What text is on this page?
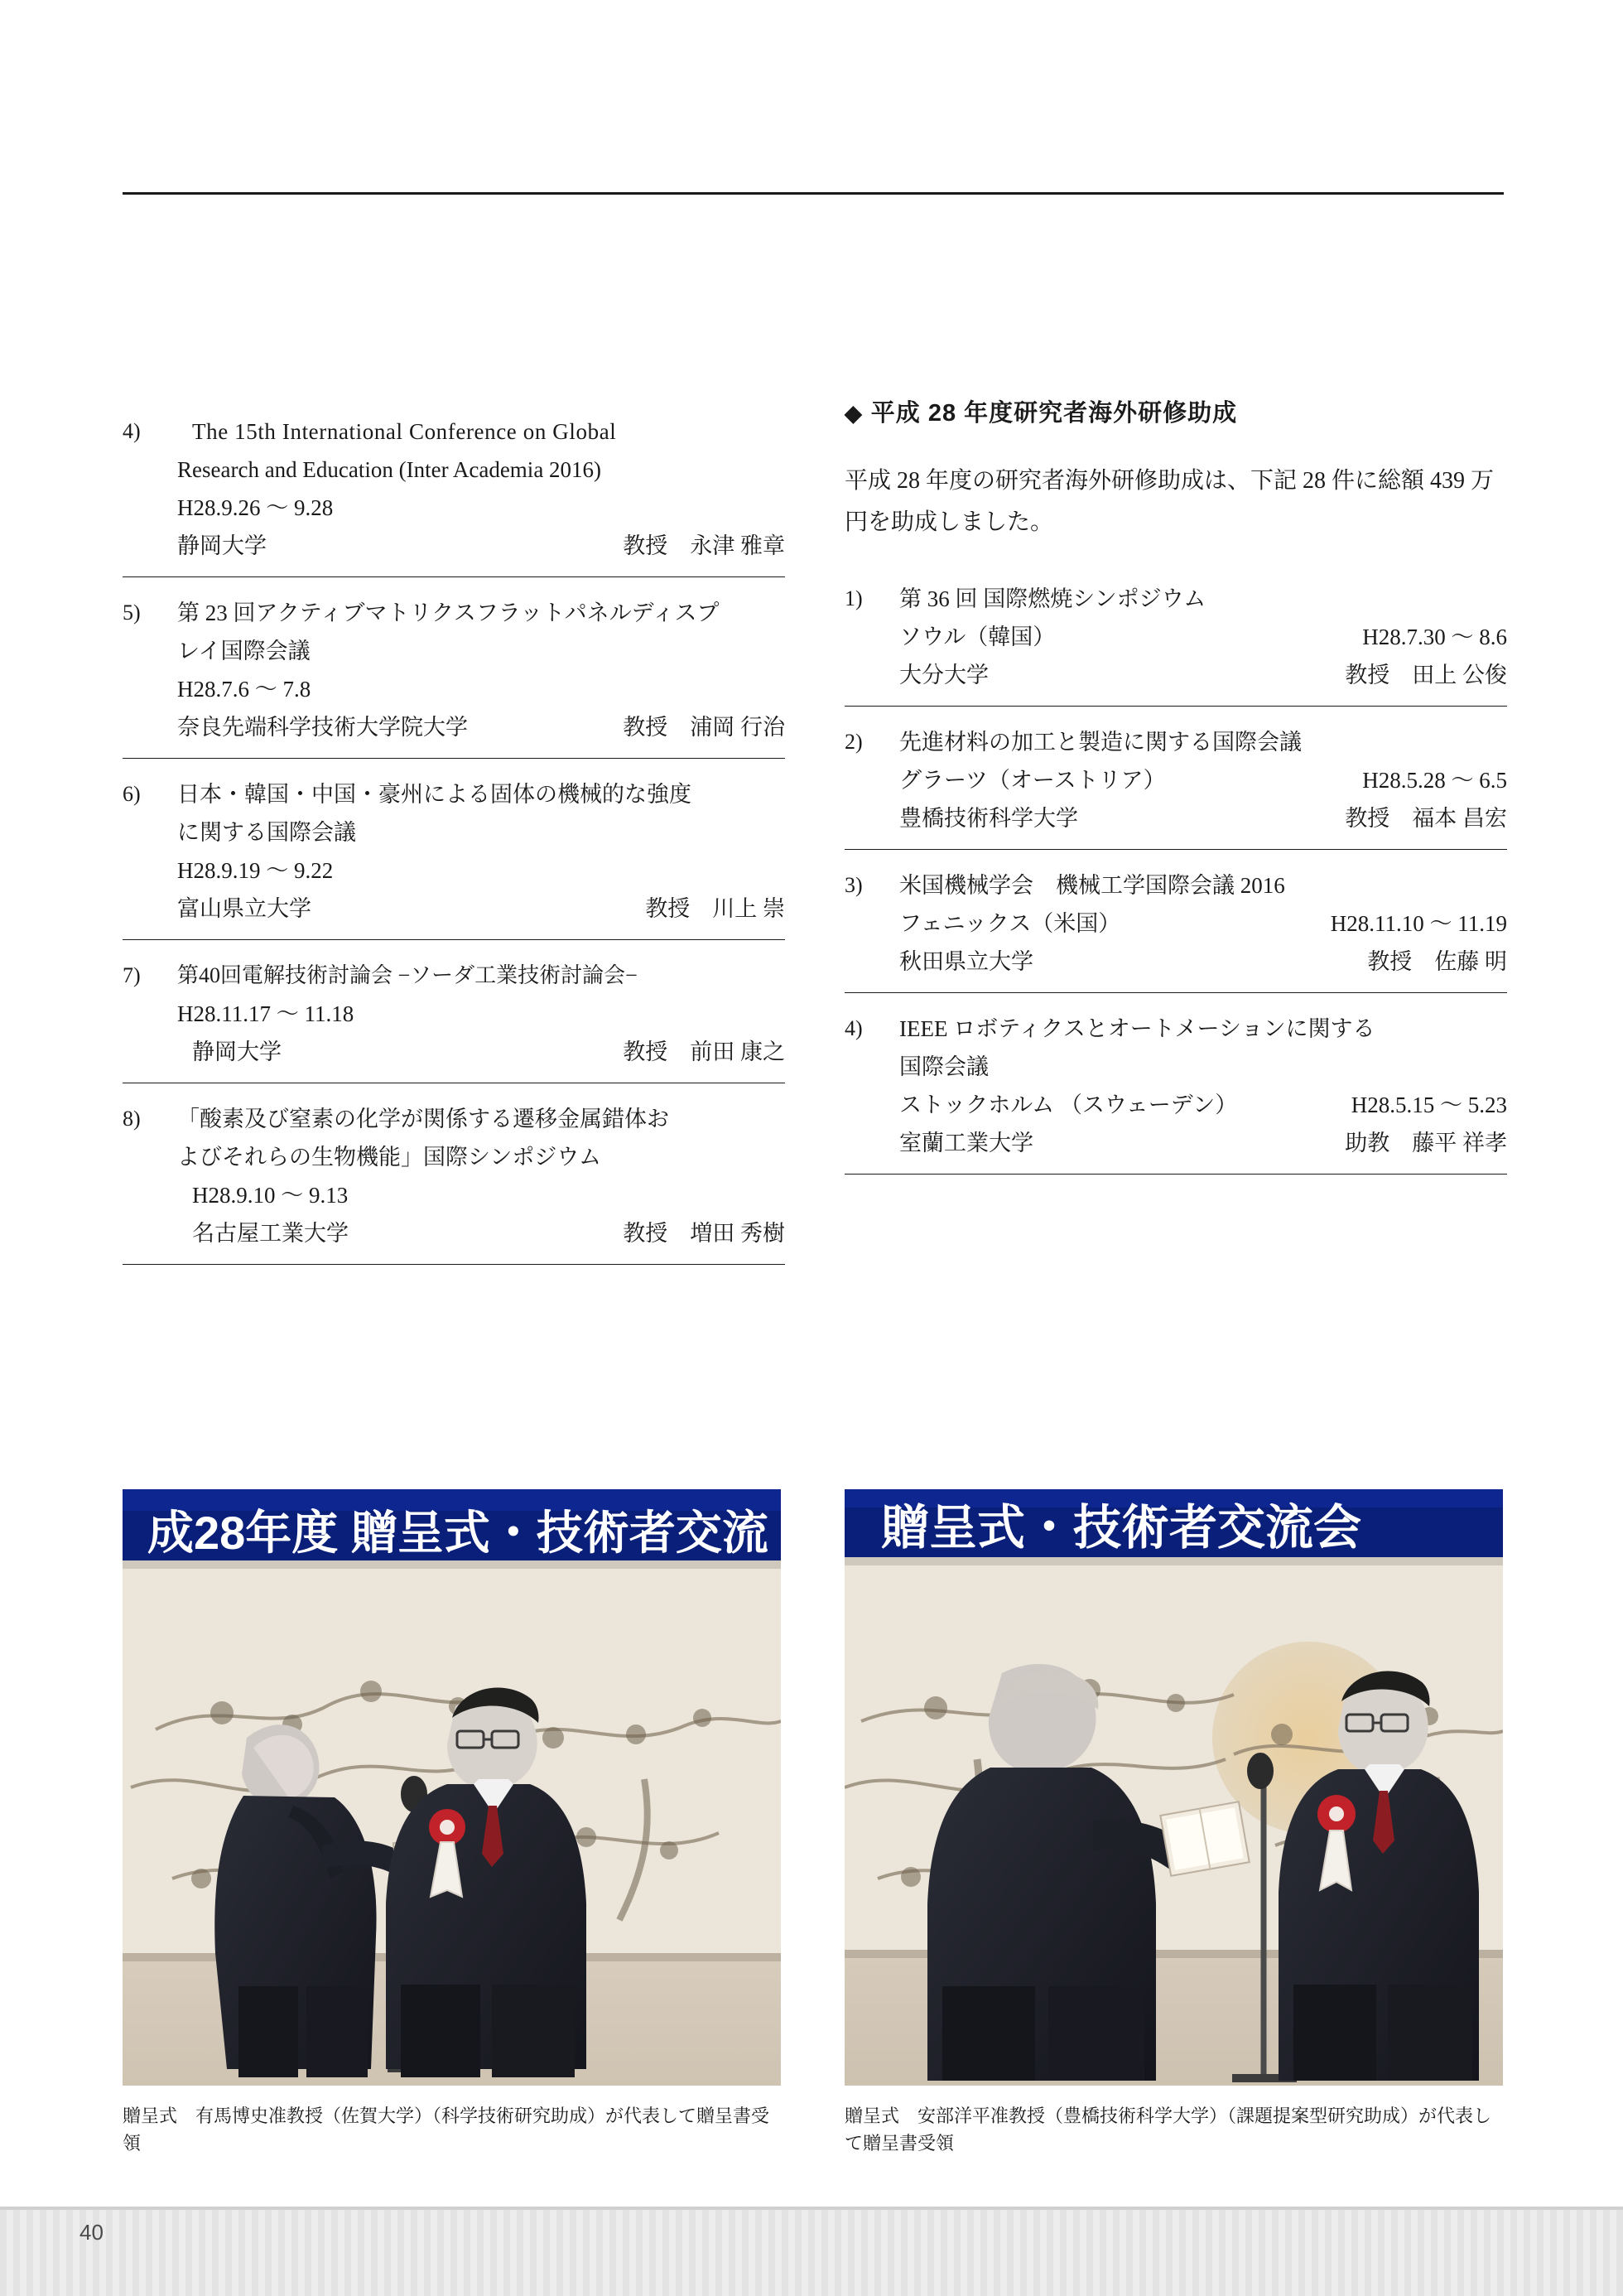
4)	The 15th International Conference on Global
Research and Education (Inter Academia 2016)
H28.9.26 〜 9.28
静岡大学	教授　永津 雅章
5)	第 23 回アクティブマトリクスフラットパネルディスプ
レイ国際会議
H28.7.6 〜 7.8
奈良先端科学技術大学院大学	教授　浦岡 行治
6)	日本・韓国・中国・豪州による固体の機械的な強度
に関する国際会議
H28.9.19 〜 9.22
富山県立大学	教授　川上 崇
7)	第40回電解技術討論会 −ソーダ工業技術討論会−
H28.11.17 〜 11.18
静岡大学	教授　前田 康之
8)	「酸素及び窒素の化学が関係する遷移金属錯体お
よびそれらの生物機能」国際シンポジウム
H28.9.10 〜 9.13
名古屋工業大学	教授　増田 秀樹
◆ 平成 28 年度研究者海外研修助成
平成 28 年度の研究者海外研修助成は、下記 28 件に総額 439 万円を助成しました。
1)	第 36 回 国際燃焼シンポジウム
ソウル（韓国）	H28.7.30 〜 8.6
大分大学	教授　田上 公俊
2)	先進材料の加工と製造に関する国際会議
グラーツ（オーストリア）	H28.5.28 〜 6.5
豊橋技術科学大学	教授　福本 昌宏
3)	米国機械学会　機械工学国際会議 2016
フェニックス（米国）	H28.11.10 〜 11.19
秋田県立大学	教授　佐藤 明
4)	IEEE ロボティクスとオートメーションに関する
国際会議
ストックホルム （スウェーデン）	H28.5.15 〜 5.23
室蘭工業大学	助教　藤平 祥孝
成28年度 贈呈式・技術者交流 贈呈式・技術者交流会
贈呈式　有馬博史准教授（佐賀大学）（科学技術研究助成）が代表して贈呈書受領
贈呈式　安部洋平准教授（豊橋技術科学大学）（課題提案型研究助成）が代表して贈呈書受領
40
